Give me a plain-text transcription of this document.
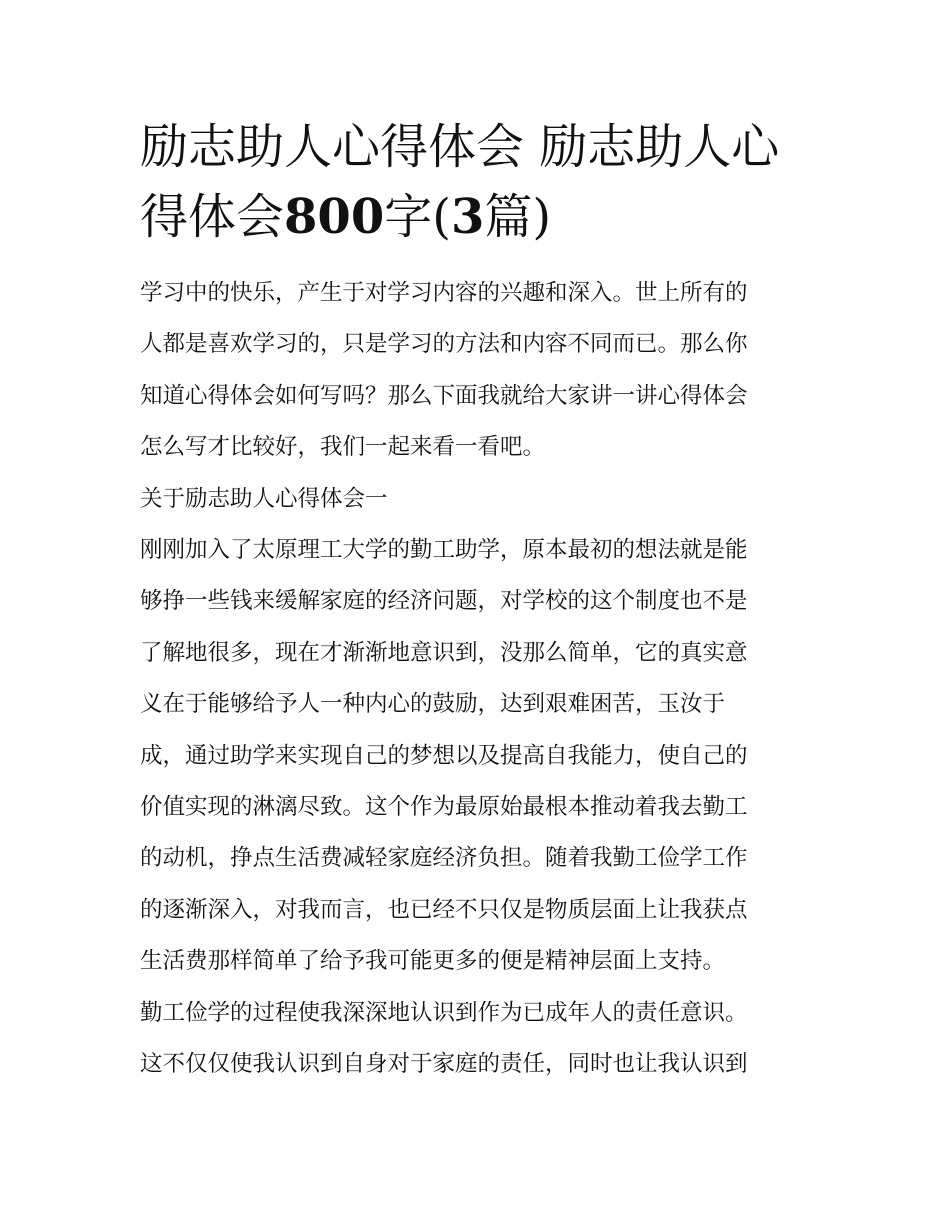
励志助人心得体会 励志助人心
得体会800字(3篇)
学习中的快乐，产生于对学习内容的兴趣和深入。世上所有的
人都是喜欢学习的，只是学习的方法和内容不同而已。那么你
知道心得体会如何写吗？那么下面我就给大家讲一讲心得体会
怎么写才比较好，我们一起来看一看吧。
关于励志助人心得体会一
刚刚加入了太原理工大学的勤工助学，原本最初的想法就是能
够挣一些钱来缓解家庭的经济问题，对学校的这个制度也不是
了解地很多，现在才渐渐地意识到，没那么简单，它的真实意
义在于能够给予人一种内心的鼓励，达到艰难困苦，玉汝于
成，通过助学来实现自己的梦想以及提高自我能力，使自己的
价值实现的淋漓尽致。这个作为最原始最根本推动着我去勤工
的动机，挣点生活费减轻家庭经济负担。随着我勤工俭学工作
的逐渐深入，对我而言，也已经不只仅是物质层面上让我获点
生活费那样简单了给予我可能更多的便是精神层面上支持。
勤工俭学的过程使我深深地认识到作为已成年人的责任意识。
这不仅仅使我认识到自身对于家庭的责任，同时也让我认识到
